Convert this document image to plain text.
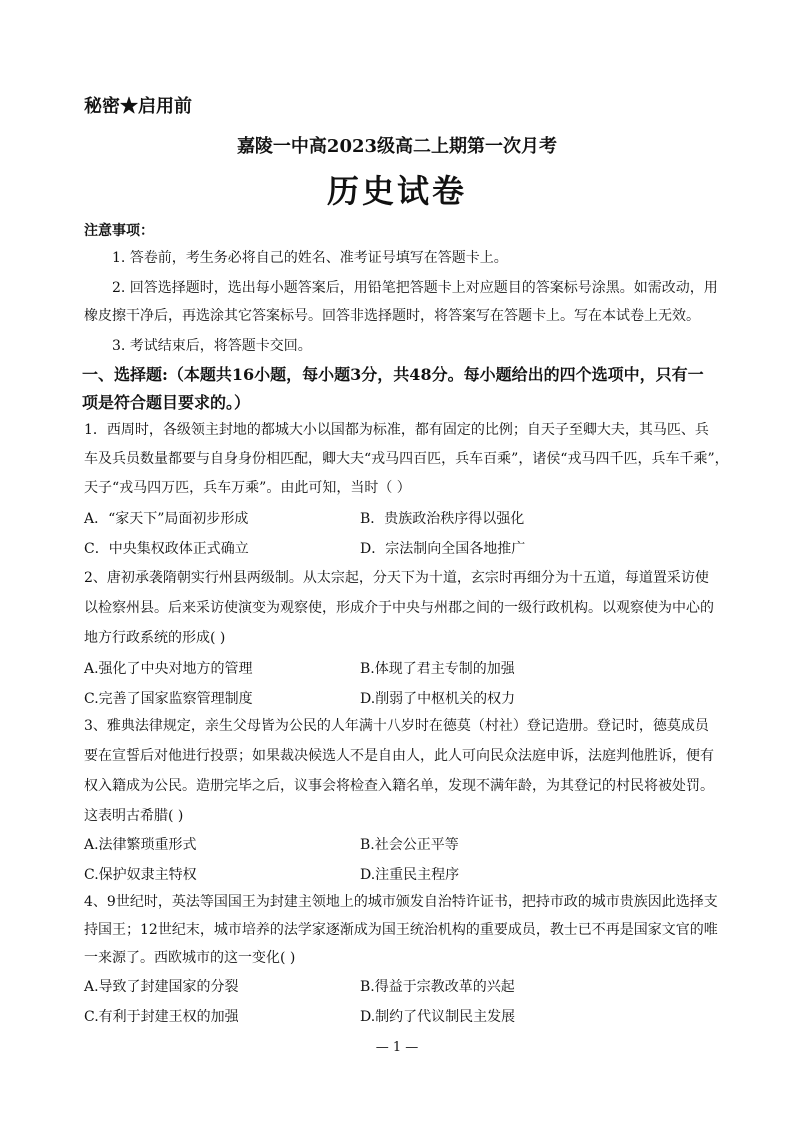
秘密★启用前
嘉陵一中高2023级高二上期第一次月考
历史试卷
注意事项：
1. 答卷前，考生务必将自己的姓名、准考证号填写在答题卡上。
2. 回答选择题时，选出每小题答案后，用铅笔把答题卡上对应题目的答案标号涂黑。如需改动，用
橡皮擦干净后，再选涂其它答案标号。回答非选择题时，将答案写在答题卡上。写在本试卷上无效。
3. 考试结束后，将答题卡交回。
一、选择题:（本题共16小题，每小题3分，共48分。每小题给出的四个选项中，只有一
项是符合题目要求的。）
1．西周时，各级领主封地的都城大小以国都为标准，都有固定的比例；自天子至卿大夫，其马匹、兵
车及兵员数量都要与自身身份相匹配，卿大夫“戎马四百匹，兵车百乘”，诸侯“戎马四千匹，兵车千乘”，
天子“戎马四万匹，兵车万乘”。由此可知，当时（ ）
A．“家天下”局面初步形成	B．贵族政治秩序得以强化
C．中央集权政体正式确立	D．宗法制向全国各地推广
2、唐初承袭隋朝实行州县两级制。从太宗起，分天下为十道，玄宗时再细分为十五道，每道置采访使
以检察州县。后来采访使演变为观察使，形成介于中央与州郡之间的一级行政机构。以观察使为中心的
地方行政系统的形成( )
A.强化了中央对地方的管理	B.体现了君主专制的加强
C.完善了国家监察管理制度	D.削弱了中枢机关的权力
3、雅典法律规定，亲生父母皆为公民的人年满十八岁时在德莫（村社）登记造册。登记时，德莫成员
要在宣誓后对他进行投票；如果裁决候选人不是自由人，此人可向民众法庭申诉，法庭判他胜诉，便有
权入籍成为公民。造册完毕之后，议事会将检查入籍名单，发现不满年龄，为其登记的村民将被处罚。
这表明古希腊( )
A.法律繁琐重形式	B.社会公正平等
C.保护奴隶主特权	D.注重民主程序
4、9世纪时，英法等国国王为封建主领地上的城市颁发自治特许证书，把持市政的城市贵族因此选择支
持国王；12世纪末，城市培养的法学家逐渐成为国王统治机构的重要成员，教士已不再是国家文官的唯
一来源了。西欧城市的这一变化( )
A.导致了封建国家的分裂	B.得益于宗教改革的兴起
C.有利于封建王权的加强	D.制约了代议制民主发展
— 1 —
